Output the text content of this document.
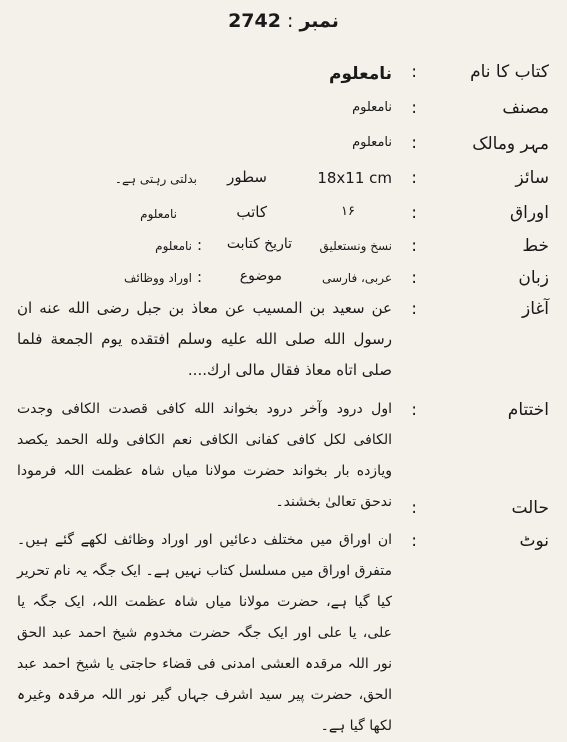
نمبر : 2742
کتاب کا نام
:
نامعلوم
مصنف
:
نامعلوم
مہر ومالک
:
نامعلوم
سائز
:
18x11 cm
سطور
بدلتی رہتی ہے۔
اوراق
:
۱۶
کاتب
نامعلوم
خط
:
نسخ ونستعلیق
تاریخ کتابت
:
نامعلوم
زبان
:
عربی، فارسی
موضوع
:
اوراد ووظائف
آغاز
:
عن سعيد بن المسيب عن معاذ بن جبل رضى الله عنه ان رسول الله صلى الله عليه وسلم افتقده يوم الجمعة فلما صلى اتاه معاذ فقال مالى ارك....
اختتام
:
اول درود وآخر درود بخواند الله کافی قصدت الکافی وجدت الکافی لکل کافی کفانی الکافی نعم الکافی ولله الحمد یکصد ویازده بار بخواند حضرت مولانا میاں شاہ عظمت اللہ فرمودا ندحق تعالیٰ بخشند۔	حالت
:
نوٹ
:
ان اوراق میں مختلف دعائیں اور اوراد وظائف لکھے گئے ہیں۔ متفرق اوراق میں مسلسل کتاب نہیں ہے۔ ایک جگہ یہ نام تحریر کیا گیا ہے، حضرت مولانا میاں شاہ عظمت اللہ، ایک جگہ یا علی، یا علی اور ایک جگہ حضرت مخدوم شیخ احمد عبد الحق نور اللہ مرقدہ العشی امدنی فی قضاء حاجتی یا شیخ احمد عبد الحق، حضرت پیر سید اشرف جہاں گیر نور اللہ مرقدہ وغیرہ لکھا گیا ہے۔
